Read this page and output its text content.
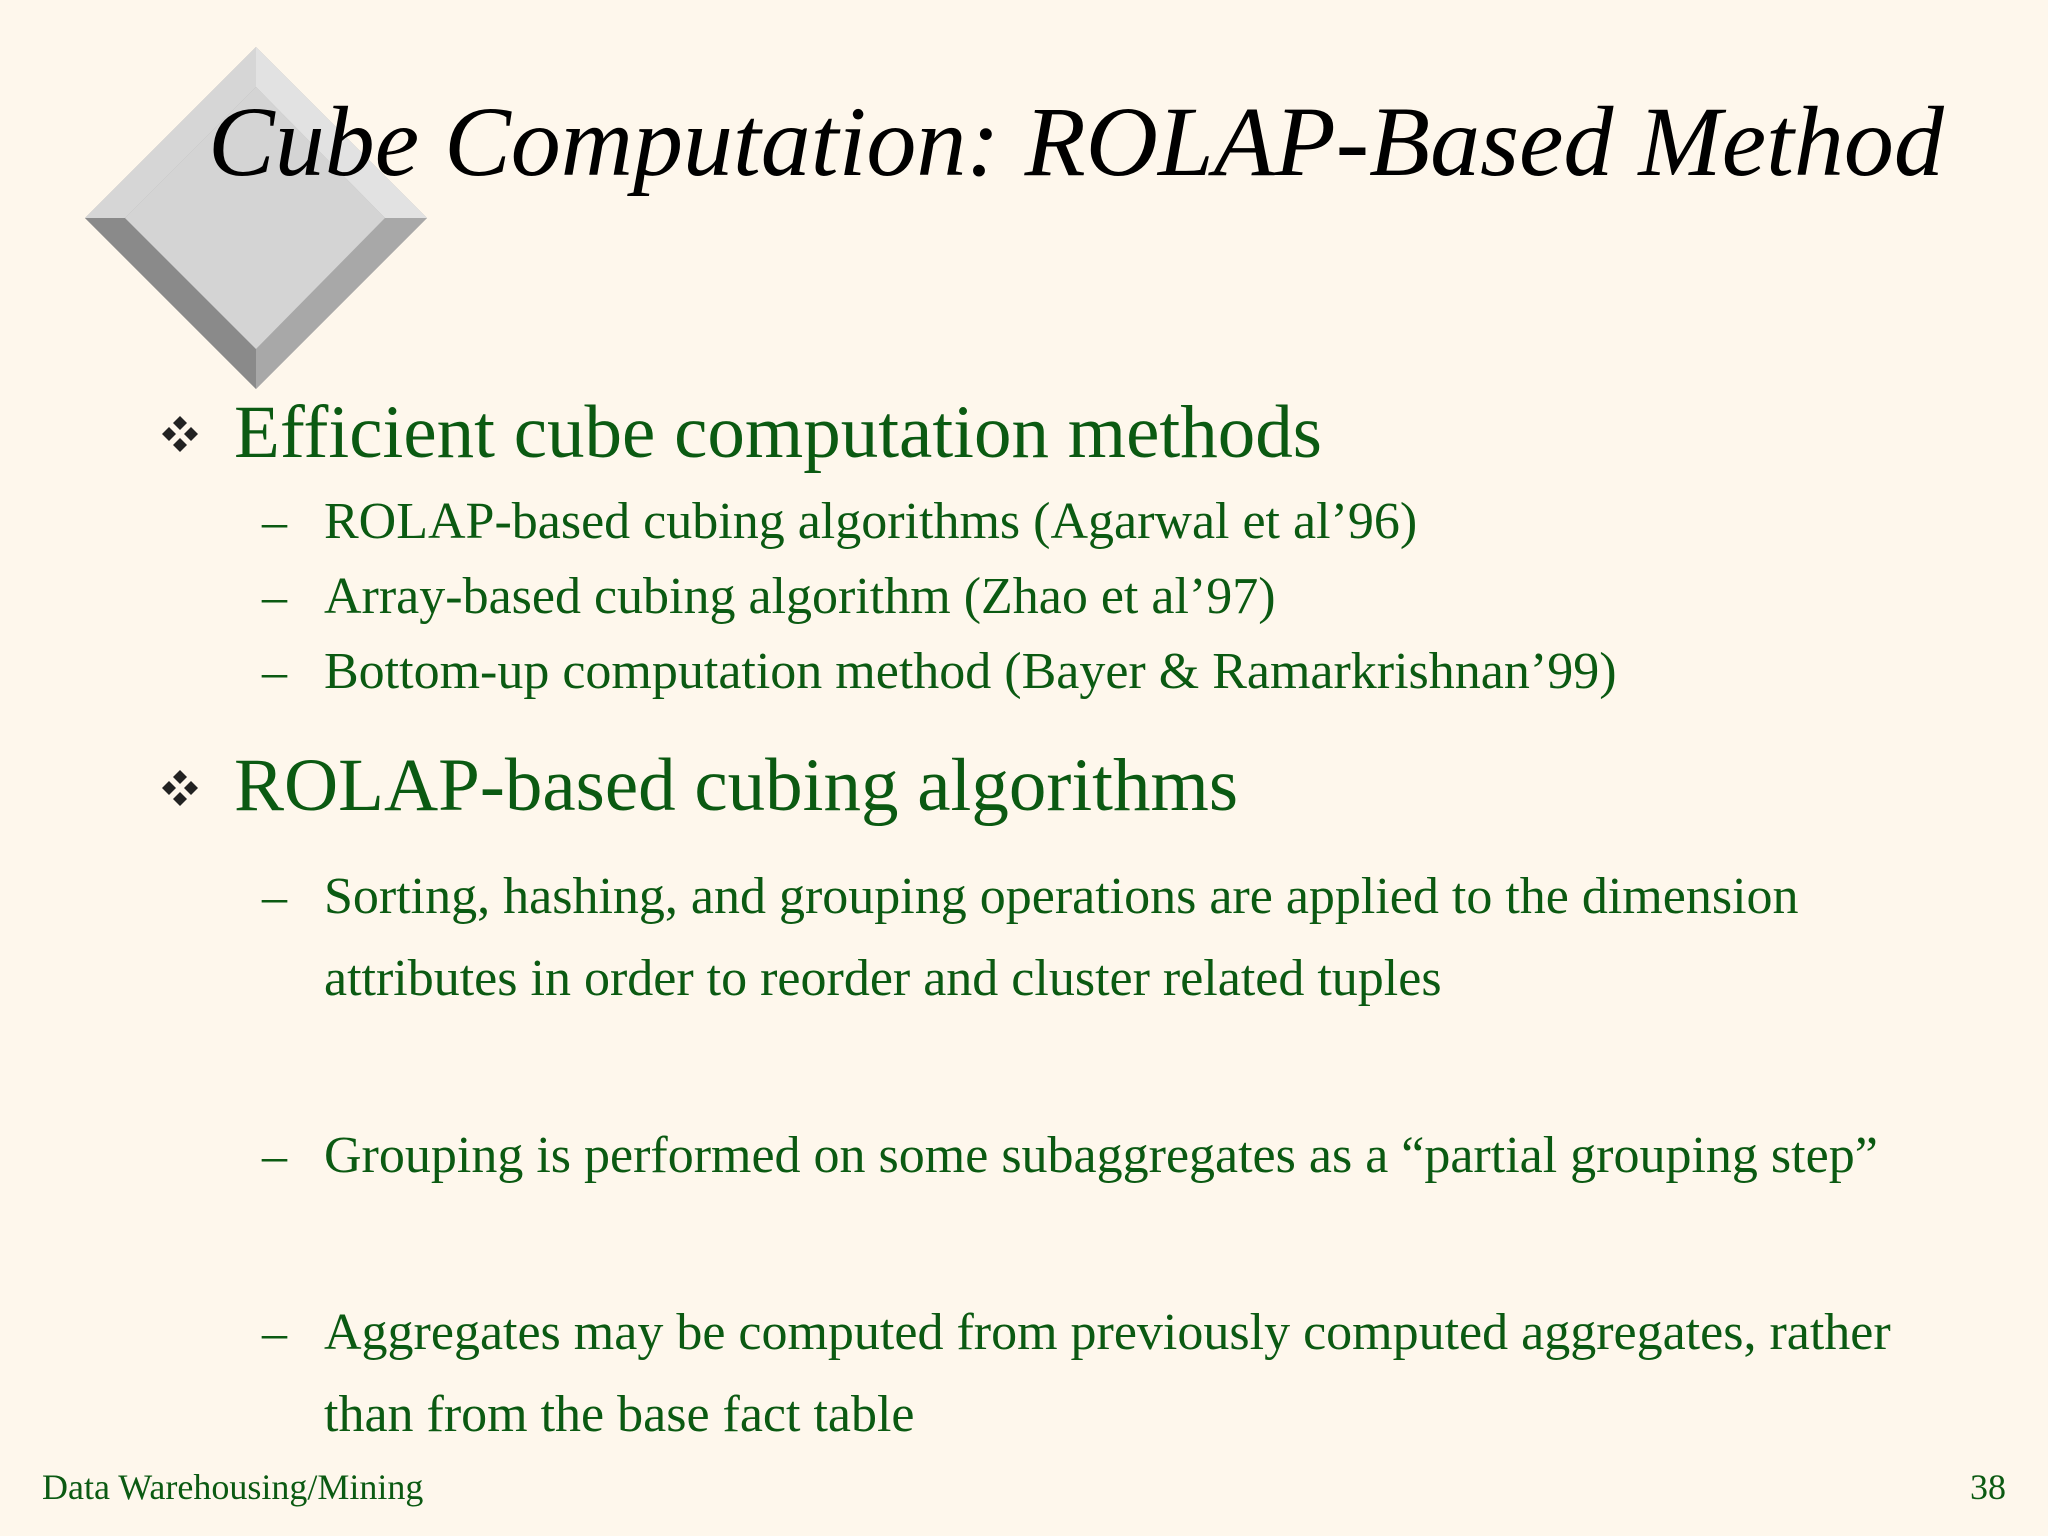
Cube Computation: ROLAP-Based Method
Efficient cube computation methods
– ROLAP-based cubing algorithms (Agarwal et al’96)
– Array-based cubing algorithm (Zhao et al’97)
– Bottom-up computation method (Bayer & Ramarkrishnan’99)
ROLAP-based cubing algorithms
– Sorting, hashing, and grouping operations are applied to the dimension attributes in order to reorder and cluster related tuples
– Grouping is performed on some subaggregates as a “partial grouping step”
– Aggregates may be computed from previously computed aggregates, rather than from the base fact table
Data Warehousing/Mining	38
